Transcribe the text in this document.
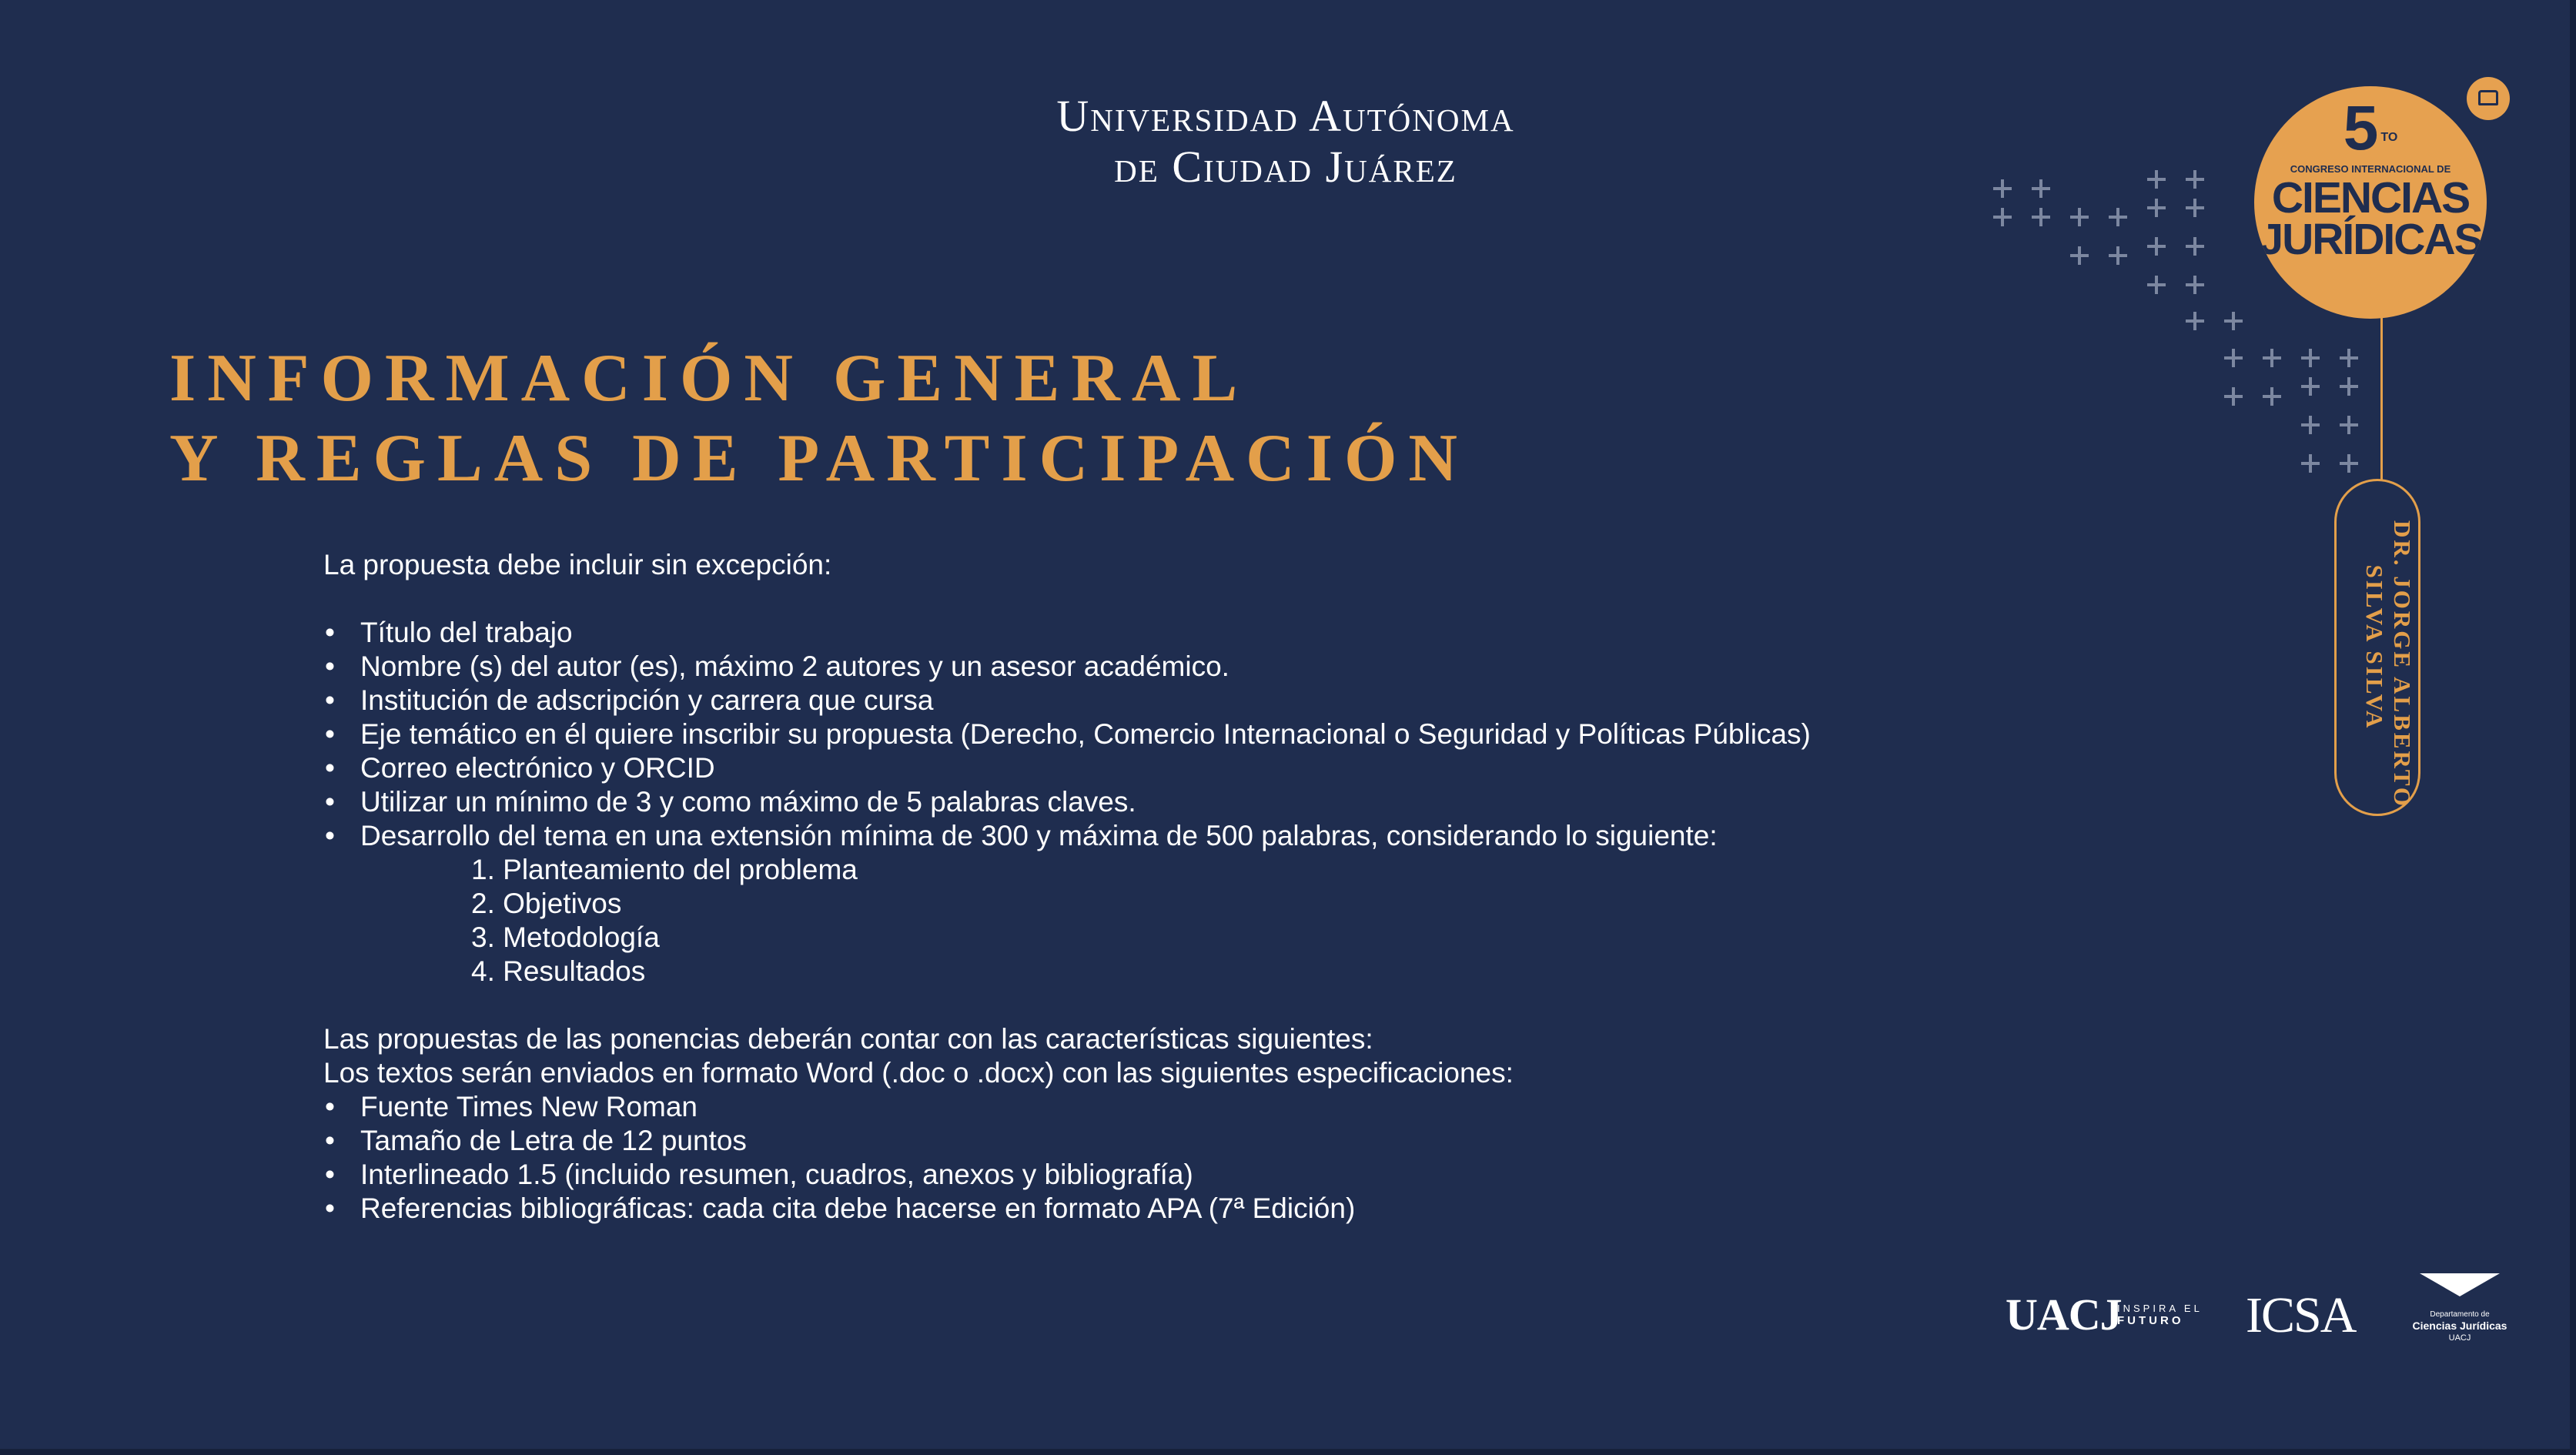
Universidad Autónoma
de Ciudad Juárez
INFORMACIÓN GENERAL
Y REGLAS DE PARTICIPACIÓN

La propuesta debe incluir sin excepción:

• Título del trabajo
• Nombre (s) del autor (es), máximo 2 autores y un asesor académico.
• Institución de adscripción y carrera que cursa
• Eje temático en él quiere inscribir su propuesta (Derecho, Comercio Internacional o Seguridad y Políticas Públicas)
• Correo electrónico y ORCID
• Utilizar un mínimo de 3 y como máximo de 5 palabras claves.
• Desarrollo del tema en una extensión mínima de 300 y máxima de 500 palabras, considerando lo siguiente:
1. Planteamiento del problema
2. Objetivos
3. Metodología
4. Resultados

Las propuestas de las ponencias deberán contar con las características siguientes:

Los textos serán enviados en formato Word (.doc o .docx) con las siguientes especificaciones:

• Fuente Times New Roman
• Tamaño de Letra de 12 puntos
• Interlineado 1.5 (incluido resumen, cuadros, anexos y bibliografía)
• Referencias bibliográficas: cada cita debe hacerse en formato APA (7ª Edición)
5 $^{TO}$
CONGRESO INTERNACIONAL DE
CIENCIAS
JURÍDICAS
DR. JORGE ALBERTO
SILVA SILVA
UACJ
INSPIRA EL
FUTURO	ICSA	Departamento de
Ciencias Jurídicas
UACJ
